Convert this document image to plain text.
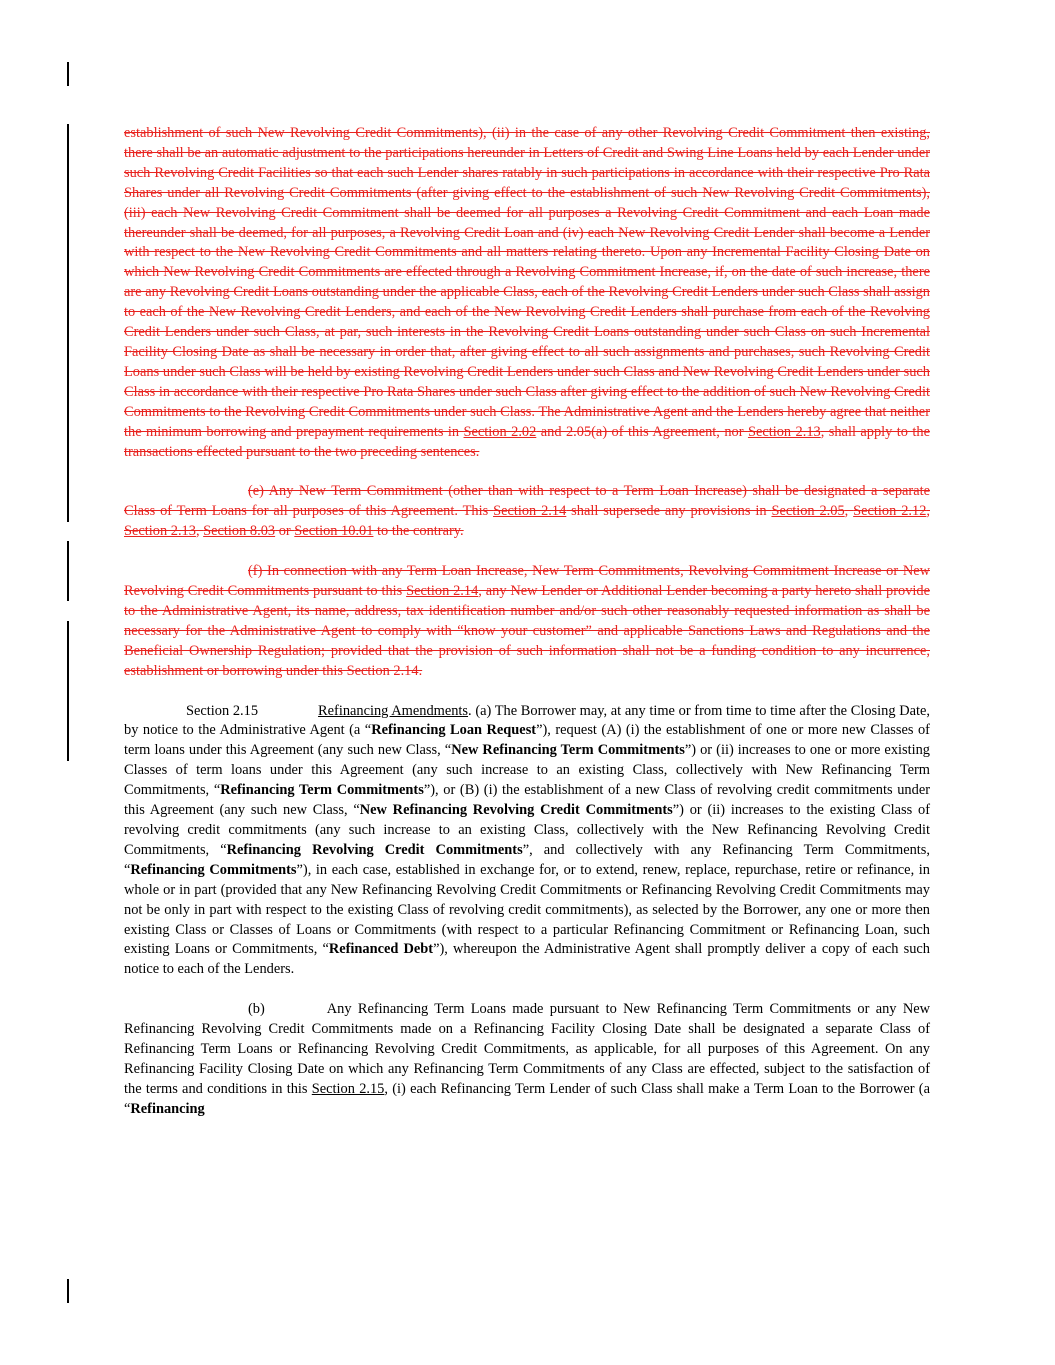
establishment of such New Revolving Credit Commitments), (ii) in the case of any other Revolving Credit Commitment then existing, there shall be an automatic adjustment to the participations hereunder in Letters of Credit and Swing Line Loans held by each Lender under such Revolving Credit Facilities so that each such Lender shares ratably in such participations in accordance with their respective Pro Rata Shares under all Revolving Credit Commitments (after giving effect to the establishment of such New Revolving Credit Commitments), (iii) each New Revolving Credit Commitment shall be deemed for all purposes a Revolving Credit Commitment and each Loan made thereunder shall be deemed, for all purposes, a Revolving Credit Loan and (iv) each New Revolving Credit Lender shall become a Lender with respect to the New Revolving Credit Commitments and all matters relating thereto. Upon any Incremental Facility Closing Date on which New Revolving Credit Commitments are effected through a Revolving Commitment Increase, if, on the date of such increase, there are any Revolving Credit Loans outstanding under the applicable Class, each of the Revolving Credit Lenders under such Class shall assign to each of the New Revolving Credit Lenders, and each of the New Revolving Credit Lenders shall purchase from each of the Revolving Credit Lenders under such Class, at par, such interests in the Revolving Credit Loans outstanding under such Class on such Incremental Facility Closing Date as shall be necessary in order that, after giving effect to all such assignments and purchases, such Revolving Credit Loans under such Class will be held by existing Revolving Credit Lenders under such Class and New Revolving Credit Lenders under such Class in accordance with their respective Pro Rata Shares under such Class after giving effect to the addition of such New Revolving Credit Commitments to the Revolving Credit Commitments under such Class. The Administrative Agent and the Lenders hereby agree that neither the minimum borrowing and prepayment requirements in Section 2.02 and 2.05(a) of this Agreement, nor Section 2.13, shall apply to the transactions effected pursuant to the two preceding sentences.

(e) Any New Term Commitment (other than with respect to a Term Loan Increase) shall be designated a separate Class of Term Loans for all purposes of this Agreement. This Section 2.14 shall supersede any provisions in Section 2.05, Section 2.12, Section 2.13, Section 8.03 or Section 10.01 to the contrary.

(f) In connection with any Term Loan Increase, New Term Commitments, Revolving Commitment Increase or New Revolving Credit Commitments pursuant to this Section 2.14, any New Lender or Additional Lender becoming a party hereto shall provide to the Administrative Agent, its name, address, tax identification number and/or such other reasonably requested information as shall be necessary for the Administrative Agent to comply with “know your customer” and applicable Sanctions Laws and Regulations and the Beneficial Ownership Regulation; provided that the provision of such information shall not be a funding condition to any incurrence, establishment or borrowing under this Section 2.14.

Section 2.15	Refinancing Amendments. (a) The Borrower may, at any time or from time to time after the Closing Date, by notice to the Administrative Agent (a “Refinancing Loan Request”), request (A) (i) the establishment of one or more new Classes of term loans under this Agreement (any such new Class, “New Refinancing Term Commitments”) or (ii) increases to one or more existing Classes of term loans under this Agreement (any such increase to an existing Class, collectively with New Refinancing Term Commitments, “Refinancing Term Commitments”), or (B) (i) the establishment of a new Class of revolving credit commitments under this Agreement (any such new Class, “New Refinancing Revolving Credit Commitments”) or (ii) increases to the existing Class of revolving credit commitments (any such increase to an existing Class, collectively with the New Refinancing Revolving Credit Commitments, “Refinancing Revolving Credit Commitments”, and collectively with any Refinancing Term Commitments, “Refinancing Commitments”), in each case, established in exchange for, or to extend, renew, replace, repurchase, retire or refinance, in whole or in part (provided that any New Refinancing Revolving Credit Commitments or Refinancing Revolving Credit Commitments may not be only in part with respect to the existing Class of revolving credit commitments), as selected by the Borrower, any one or more then existing Class or Classes of Loans or Commitments (with respect to a particular Refinancing Commitment or Refinancing Loan, such existing Loans or Commitments, “Refinanced Debt”), whereupon the Administrative Agent shall promptly deliver a copy of each such notice to each of the Lenders.

(b)	Any Refinancing Term Loans made pursuant to New Refinancing Term Commitments or any New Refinancing Revolving Credit Commitments made on a Refinancing Facility Closing Date shall be designated a separate Class of Refinancing Term Loans or Refinancing Revolving Credit Commitments, as applicable, for all purposes of this Agreement. On any Refinancing Facility Closing Date on which any Refinancing Term Commitments of any Class are effected, subject to the satisfaction of the terms and conditions in this Section 2.15, (i) each Refinancing Term Lender of such Class shall make a Term Loan to the Borrower (a “Refinancing
